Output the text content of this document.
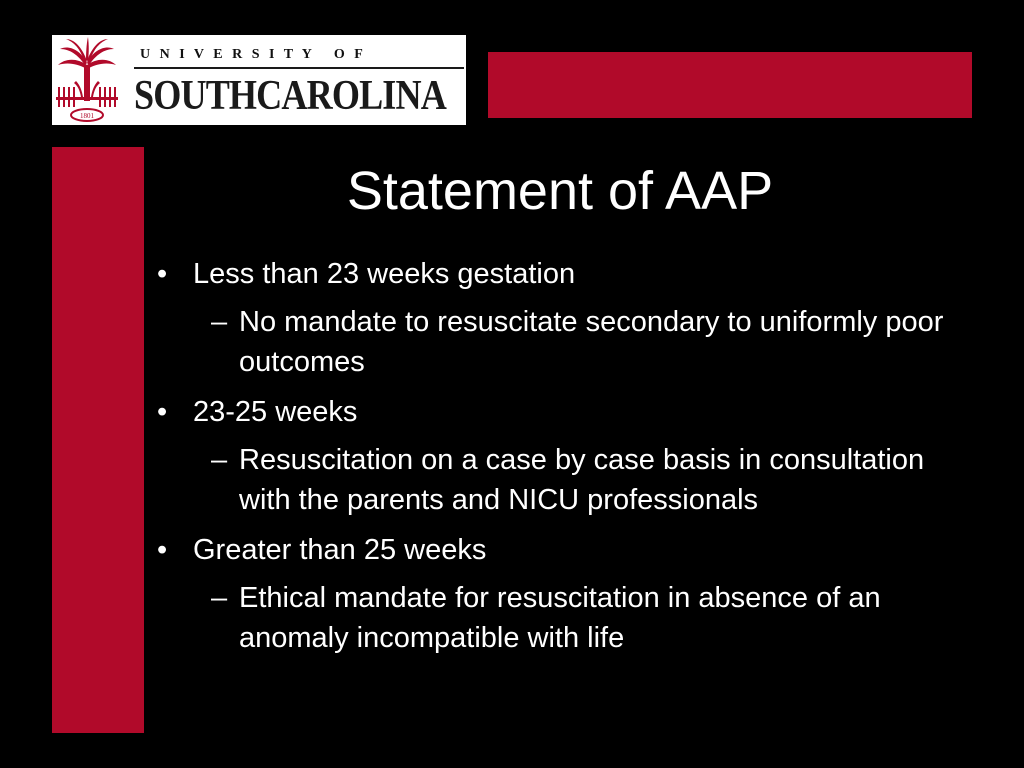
1801
U N I V E R S I T Y   O F
SOUTHCAROLINA
Statement of AAP
• Less than 23 weeks gestation
– No mandate to resuscitate secondary to uniformly poor outcomes
• 23-25 weeks
– Resuscitation on a case by case basis in consultation with the parents and NICU professionals
• Greater than 25 weeks
– Ethical mandate for resuscitation in absence of an anomaly incompatible with life
